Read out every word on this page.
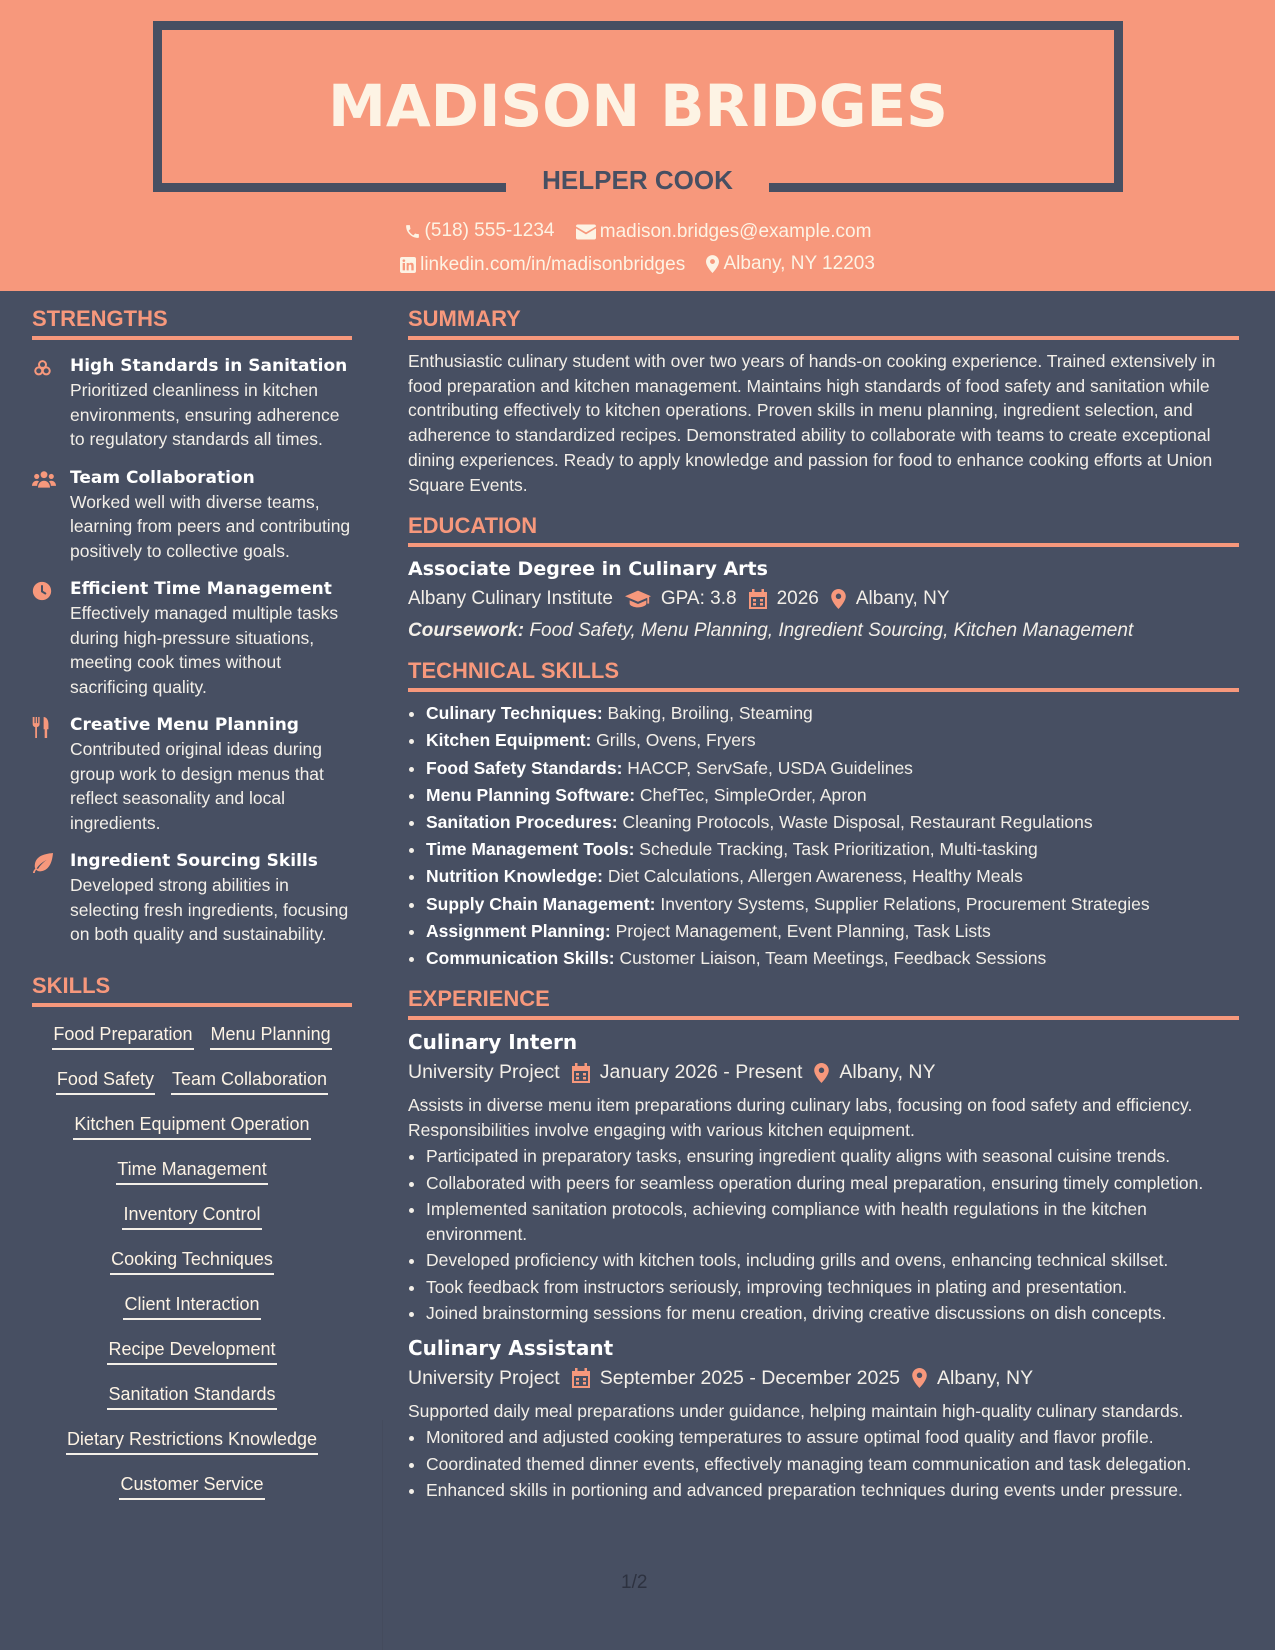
MADISON BRIDGES
HELPER COOK
(518) 555-1234
madison.bridges@example.com
linkedin.com/in/madisonbridges
Albany, NY 12203
STRENGTHS
High Standards in Sanitation
Prioritized cleanliness in kitchen environments, ensuring adherence to regulatory standards all times.
Team Collaboration
Worked well with diverse teams, learning from peers and contributing positively to collective goals.
Efficient Time Management
Effectively managed multiple tasks during high-pressure situations, meeting cook times without sacrificing quality.
Creative Menu Planning
Contributed original ideas during group work to design menus that reflect seasonality and local ingredients.
Ingredient Sourcing Skills
Developed strong abilities in selecting fresh ingredients, focusing on both quality and sustainability.
SKILLS
Food Preparation Menu Planning
Food Safety Team Collaboration
Kitchen Equipment Operation
Time Management
Inventory Control
Cooking Techniques
Client Interaction
Recipe Development
Sanitation Standards
Dietary Restrictions Knowledge
Customer Service
SUMMARY
Enthusiastic culinary student with over two years of hands-on cooking experience. Trained extensively in food preparation and kitchen management. Maintains high standards of food safety and sanitation while contributing effectively to kitchen operations. Proven skills in menu planning, ingredient selection, and adherence to standardized recipes. Demonstrated ability to collaborate with teams to create exceptional dining experiences. Ready to apply knowledge and passion for food to enhance cooking efforts at Union Square Events.
EDUCATION
Associate Degree in Culinary Arts
Albany Culinary Institute	GPA: 3.8 2026 Albany, NY
Coursework: Food Safety, Menu Planning, Ingredient Sourcing, Kitchen Management
TECHNICAL SKILLS
• Culinary Techniques: Baking, Broiling, Steaming
• Kitchen Equipment: Grills, Ovens, Fryers
• Food Safety Standards: HACCP, ServSafe, USDA Guidelines
• Menu Planning Software: ChefTec, SimpleOrder, Apron
• Sanitation Procedures: Cleaning Protocols, Waste Disposal, Restaurant Regulations
• Time Management Tools: Schedule Tracking, Task Prioritization, Multi-tasking
• Nutrition Knowledge: Diet Calculations, Allergen Awareness, Healthy Meals
• Supply Chain Management: Inventory Systems, Supplier Relations, Procurement Strategies
• Assignment Planning: Project Management, Event Planning, Task Lists
• Communication Skills: Customer Liaison, Team Meetings, Feedback Sessions
EXPERIENCE
Culinary Intern
University Project January 2026 - Present Albany, NY
Assists in diverse menu item preparations during culinary labs, focusing on food safety and efficiency. Responsibilities involve engaging with various kitchen equipment.
• Participated in preparatory tasks, ensuring ingredient quality aligns with seasonal cuisine trends.
• Collaborated with peers for seamless operation during meal preparation, ensuring timely completion.
• Implemented sanitation protocols, achieving compliance with health regulations in the kitchen environment.
• Developed proficiency with kitchen tools, including grills and ovens, enhancing technical skillset.
• Took feedback from instructors seriously, improving techniques in plating and presentation.
• Joined brainstorming sessions for menu creation, driving creative discussions on dish concepts.
Culinary Assistant
University Project September 2025 - December 2025 Albany, NY
Supported daily meal preparations under guidance, helping maintain high-quality culinary standards.
• Monitored and adjusted cooking temperatures to assure optimal food quality and flavor profile.
• Coordinated themed dinner events, effectively managing team communication and task delegation.
• Enhanced skills in portioning and advanced preparation techniques during events under pressure.
1/2
